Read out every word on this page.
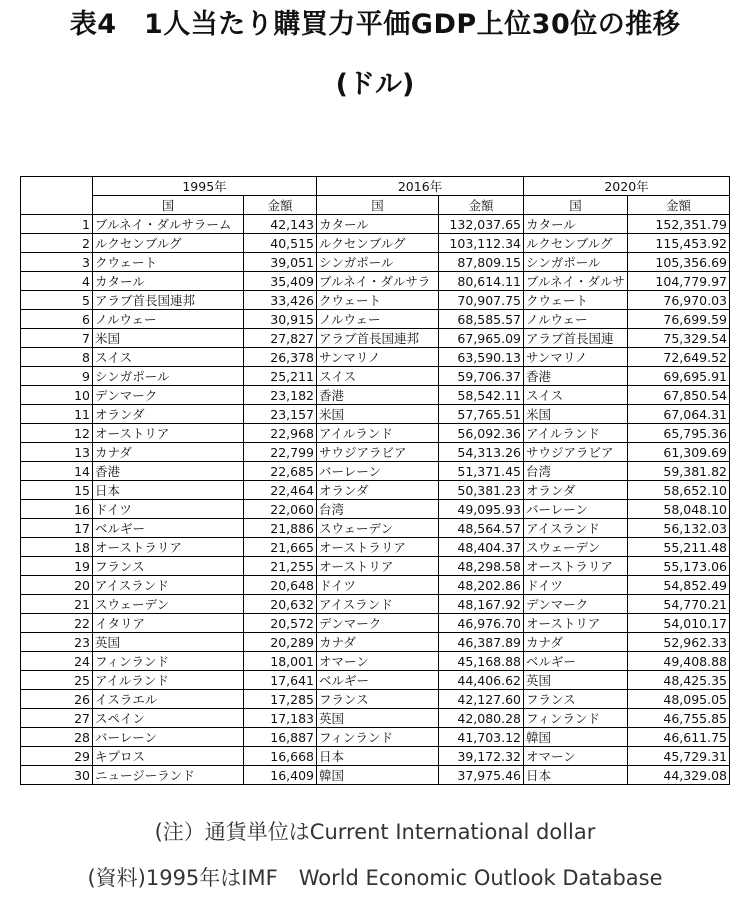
表4　1人当たり購買力平価GDP上位30位の推移
(ドル)
	1995年		2016年		2020年	
	国	金額	国	金額	国	金額
1	ブルネイ・ダルサラーム	42,143	カタール	132,037.65	カタール	152,351.79
2	ルクセンブルグ	40,515	ルクセンブルグ	103,112.34	ルクセンブルグ	115,453.92
3	クウェート	39,051	シンガポール	87,809.15	シンガポール	105,356.69
4	カタール	35,409	ブルネイ・ダルサラ	80,614.11	ブルネイ・ダルサ	104,779.97
5	アラブ首長国連邦	33,426	クウェート	70,907.75	クウェート	76,970.03
6	ノルウェー	30,915	ノルウェー	68,585.57	ノルウェー	76,699.59
7	米国	27,827	アラブ首長国連邦	67,965.09	アラブ首長国連	75,329.54
8	スイス	26,378	サンマリノ	63,590.13	サンマリノ	72,649.52
9	シンガポール	25,211	スイス	59,706.37	香港	69,695.91
10	デンマーク	23,182	香港	58,542.11	スイス	67,850.54
11	オランダ	23,157	米国	57,765.51	米国	67,064.31
12	オーストリア	22,968	アイルランド	56,092.36	アイルランド	65,795.36
13	カナダ	22,799	サウジアラビア	54,313.26	サウジアラビア	61,309.69
14	香港	22,685	バーレーン	51,371.45	台湾	59,381.82
15	日本	22,464	オランダ	50,381.23	オランダ	58,652.10
16	ドイツ	22,060	台湾	49,095.93	バーレーン	58,048.10
17	ベルギー	21,886	スウェーデン	48,564.57	アイスランド	56,132.03
18	オーストラリア	21,665	オーストラリア	48,404.37	スウェーデン	55,211.48
19	フランス	21,255	オーストリア	48,298.58	オーストラリア	55,173.06
20	アイスランド	20,648	ドイツ	48,202.86	ドイツ	54,852.49
21	スウェーデン	20,632	アイスランド	48,167.92	デンマーク	54,770.21
22	イタリア	20,572	デンマーク	46,976.70	オーストリア	54,010.17
23	英国	20,289	カナダ	46,387.89	カナダ	52,962.33
24	フィンランド	18,001	オマーン	45,168.88	ベルギー	49,408.88
25	アイルランド	17,641	ベルギー	44,406.62	英国	48,425.35
26	イスラエル	17,285	フランス	42,127.60	フランス	48,095.05
27	スペイン	17,183	英国	42,080.28	フィンランド	46,755.85
28	バーレーン	16,887	フィンランド	41,703.12	韓国	46,611.75
29	キプロス	16,668	日本	39,172.32	オマーン	45,729.31
30	ニュージーランド	16,409	韓国	37,975.46	日本	44,329.08
(注）通貨単位はCurrent International dollar
(資料)1995年はIMF　World Economic Outlook Database
